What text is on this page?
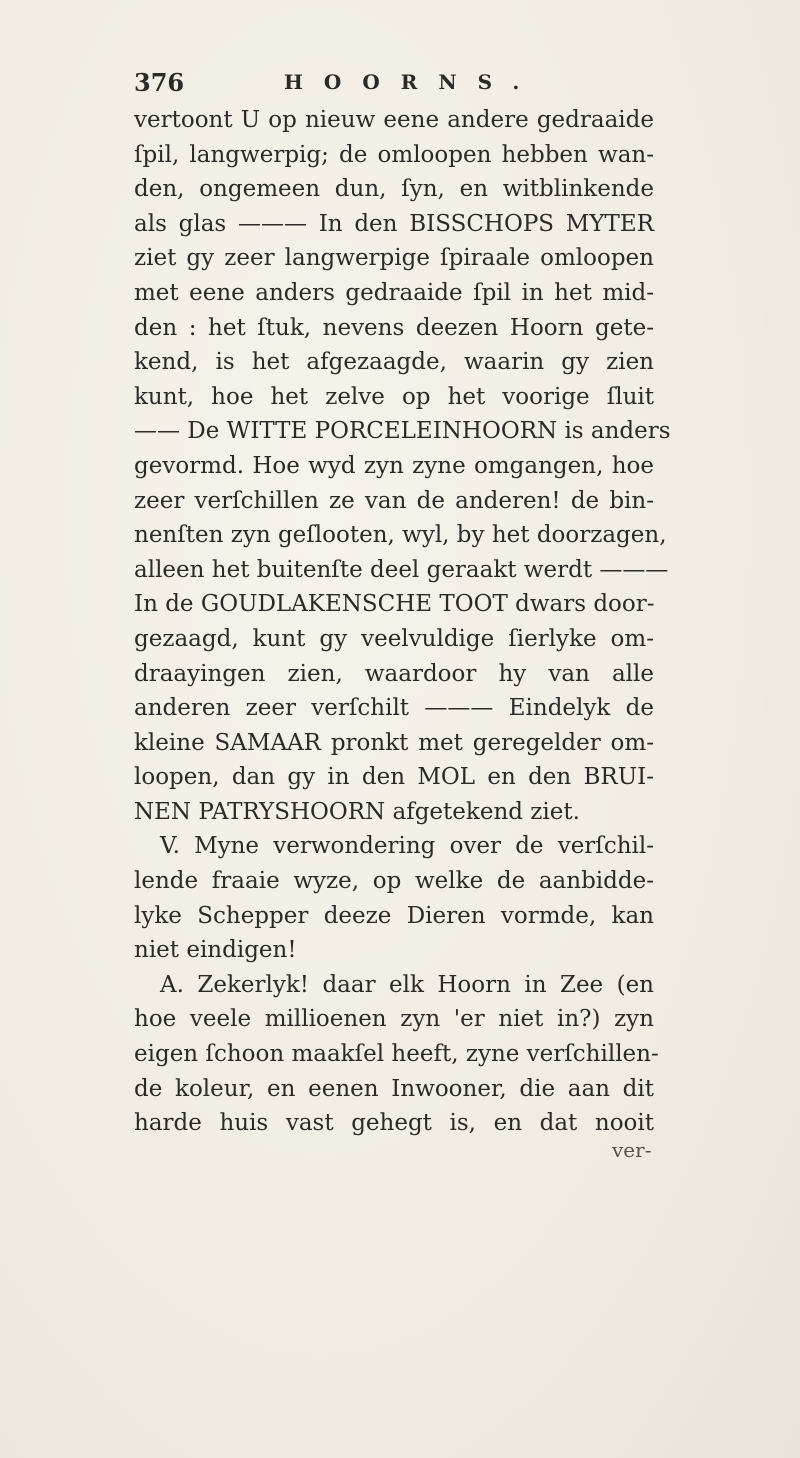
376	HOORNS.
vertoont U op nieuw eene andere gedraaide
ſpil, langwerpig; de omloopen hebben wan-
den, ongemeen dun, ſyn, en witblinkende
als glas ——— In den BISSCHOPS MYTER
ziet gy zeer langwerpige ſpiraale omloopen
met eene anders gedraaide ſpil in het mid-
den : het ſtuk, nevens deezen Hoorn gete-
kend, is het afgezaagde, waarin gy zien
kunt, hoe het zelve op het voorige ſluit
—— De WITTE PORCELEINHOORN is anders
gevormd. Hoe wyd zyn zyne omgangen, hoe
zeer verſchillen ze van de anderen! de bin-
nenſten zyn geſlooten, wyl, by het doorzagen,
alleen het buitenſte deel geraakt werdt ———
In de GOUDLAKENSCHE TOOT dwars door-
gezaagd, kunt gy veelvuldige ſierlyke om-
draayingen zien, waardoor hy van alle
anderen zeer verſchilt ——— Eindelyk de
kleine SAMAAR pronkt met geregelder om-
loopen, dan gy in den MOL en den BRUI-
NEN PATRYSHOORN afgetekend ziet.
V. Myne verwondering over de verſchil-
lende fraaie wyze, op welke de aanbidde-
lyke Schepper deeze Dieren vormde, kan
niet eindigen!
A. Zekerlyk! daar elk Hoorn in Zee (en
hoe veele millioenen zyn 'er niet in?) zyn
eigen ſchoon maakſel heeft, zyne verſchillen-
de koleur, en eenen Inwooner, die aan dit
harde huis vast gehegt is, en dat nooit
ver-
